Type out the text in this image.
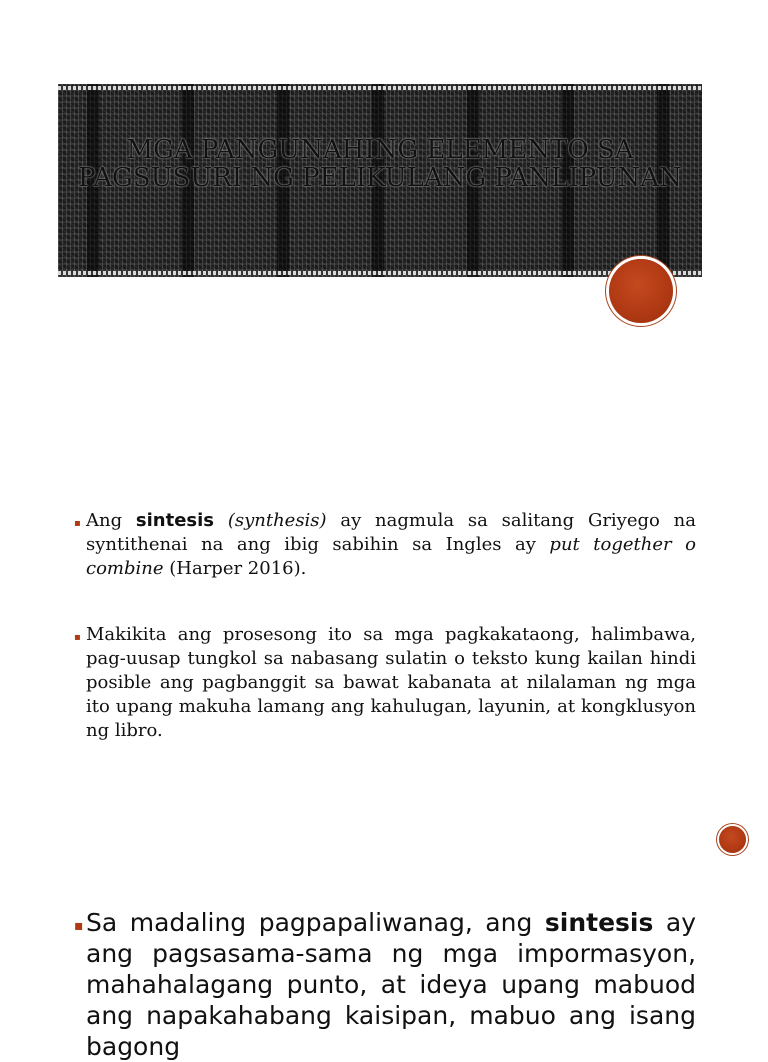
MGA PANGUNAHING ELEMENTO SA
PAGSUSURI NG PELIKULANG PANLIPUNAN
▪ Ang sintesis (synthesis) ay nagmula sa salitang Griyego na syntithenai na ang ibig sabihin sa Ingles ay put together o combine (Harper 2016).
▪ Makikita ang prosesong ito sa mga pagkakataong, halimbawa, pag-uusap tungkol sa nabasang sulatin o teksto kung kailan hindi posible ang pagbanggit sa bawat kabanata at nilalaman ng mga ito upang makuha lamang ang kahulugan, layunin, at kongklusyon ng libro.
▪ Sa madaling pagpapaliwanag, ang sintesis ay ang pagsasama-sama ng mga impormasyon, mahahalagang punto, at ideya upang mabuod ang napakahabang kaisipan, mabuo ang isang bagong
